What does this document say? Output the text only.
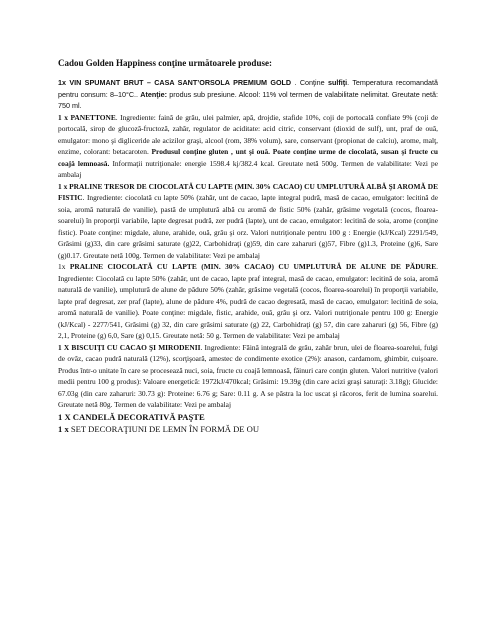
Cadou Golden Happiness conţine următoarele produse:

1x VIN SPUMANT BRUT – CASA SANT’ORSOLA PREMIUM GOLD . Conţine sulfiţi. Temperatura recomandată pentru consum: 8–10°C.. Atenţie: produs sub presiune. Alcool: 11% vol termen de valabilitate nelimitat. Greutate netă: 750 ml.

1 x PANETTONE. Ingrediente: faină de grâu, ulei palmier, apă, drojdie, stafide 10%, coji de portocală confiate 9% (coji de portocală, sirop de glucoză-fructoză, zahăr, regulator de aciditate: acid citric, conservant (dioxid de sulf), unt, praf de ouă, emulgator: mono şi digliceride ale acizilor graşi, alcool (rom, 38% volum), sare, conservant (propionat de calciu), arome, malţ, enzime, colorant: betacaroten. Produsul conţine gluten , unt şi ouă. Poate conţine urme de ciocolată, susan şi fructe cu coajă lemnoasă. Informaţii nutriţionale: energie 1598.4 kj/382.4 kcal. Greutate netă 500g. Termen de valabilitate: Vezi pe ambalaj

1 x PRALINE TRESOR DE CIOCOLATĂ CU LAPTE (MIN. 30% CACAO) CU UMPLUTURĂ ALBĂ ŞI AROMĂ DE FISTIC. Ingrediente: ciocolată cu lapte 50% (zahăr, unt de cacao, lapte integral pudră, masă de cacao, emulgator: lecitină de soia, aromă naturală de vanilie), pastă de umplutură albă cu aromă de fistic 50% (zahăr, grăsime vegetală (cocos, floarea-soarelui) în proporţii variabile, lapte degresat pudră, zer pudră (lapte), unt de cacao, emulgator: lecitină de soia, arome (conţine fistic). Poate conţine: migdale, alune, arahide, ouă, grâu şi orz. Valori nutriţionale pentru 100 g : Energie (kJ/Kcal) 2291/549, Grăsimi (g)33, din care grăsimi saturate (g)22, Carbohidraţi (g)59, din care zaharuri (g)57, Fibre (g)1.3, Proteine (g)6, Sare (g)0.17. Greutate netă 100g. Termen de valabilitate: Vezi pe ambalaj

1x PRALINE CIOCOLATĂ CU LAPTE (MIN. 30% CACAO) CU UMPLUTURĂ DE ALUNE DE PĂDURE. Ingrediente: Ciocolată cu lapte 50% (zahăr, unt de cacao, lapte praf integral, masă de cacao, emulgator: lecitină de soia, aromă naturală de vanilie), umplutură de alune de pădure 50% (zahăr, grăsime vegetală (cocos, floarea-soarelui) în proporţii variabile, lapte praf degresat, zer praf (lapte), alune de pădure 4%, pudră de cacao degresată, masă de cacao, emulgator: lecitină de soia, aromă naturală de vanilie). Poate conţine: migdale, fistic, arahide, ouă, grâu şi orz. Valori nutriţionale pentru 100 g: Energie (kJ/Kcal) - 2277/541, Grăsimi (g) 32, din care grăsimi saturate (g) 22, Carbohidraţi (g) 57, din care zaharuri (g) 56, Fibre (g) 2,1, Proteine (g) 6,0, Sare (g) 0,15. Greutate netă: 50 g. Termen de valabilitate: Vezi pe ambalaj

1 X BISCUIŢI CU CACAO ŞI MIRODENII. Ingrediente: Făină integrală de grâu, zahăr brun, ulei de floarea-soarelui, fulgi de ovăz, cacao pudră naturală (12%), scorţişoară, amestec de condimente exotice (2%): anason, cardamom, ghimbir, cuişoare. Produs într-o unitate în care se procesează nuci, soia, fructe cu coajă lemnoasă, făinuri care conţin gluten. Valori nutritive (valori medii pentru 100 g produs): Valoare energetică: 1972kJ/470kcal; Grăsimi: 19.39g (din care acizi graşi saturaţi: 3.18g); Glucide: 67.03g (din care zaharuri: 30.73 g): Proteine: 6.76 g; Sare: 0.11 g. A se păstra la loc uscat şi răcoros, ferit de lumina soarelui. Greutate netă 80g. Termen de valabilitate: Vezi pe ambalaj

1 X CANDELĂ DECORATIVĂ PAŞTE

1 x SET DECORAŢIUNI DE LEMN ÎN FORMĂ DE OU
